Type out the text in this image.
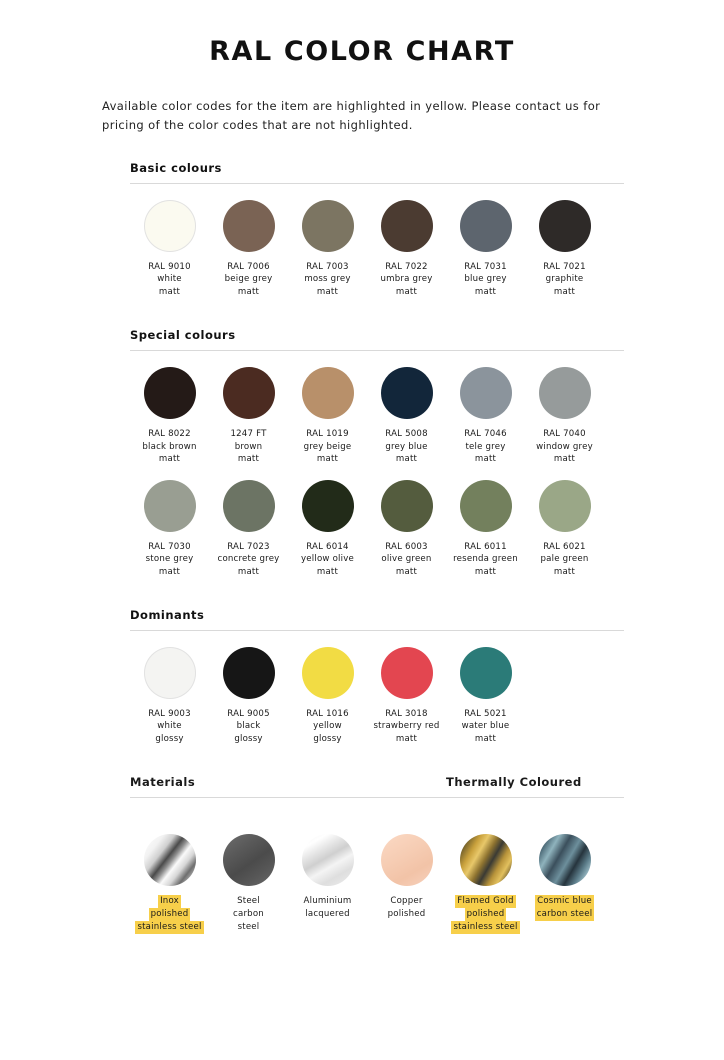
RAL COLOR CHART

Available color codes for the item are highlighted in yellow. Please contact us for pricing of the color codes that are not highlighted.

Basic colours
RAL 9010
white
matt
RAL 7006
beige grey
matt
RAL 7003
moss grey
matt
RAL 7022
umbra grey
matt
RAL 7031
blue grey
matt
RAL 7021
graphite
matt
Special colours
RAL 8022
black brown
matt
1247 FT
brown
matt
RAL 1019
grey beige
matt
RAL 5008
grey blue
matt
RAL 7046
tele grey
matt
RAL 7040
window grey
matt
RAL 7030
stone grey
matt
RAL 7023
concrete grey
matt
RAL 6014
yellow olive
matt
RAL 6003
olive green
matt
RAL 6011
resenda green
matt
RAL 6021
pale green
matt
Dominants
RAL 9003
white
glossy
RAL 9005
black
glossy
RAL 1016
yellow
glossy
RAL 3018
strawberry red
matt
RAL 5021
water blue
matt
Materials	Thermally Coloured
Inox
polished
stainless steel
Steel
carbon
steel
Aluminium
lacquered
Copper
polished
Flamed Gold
polished
stainless steel
Cosmic blue
carbon steel
